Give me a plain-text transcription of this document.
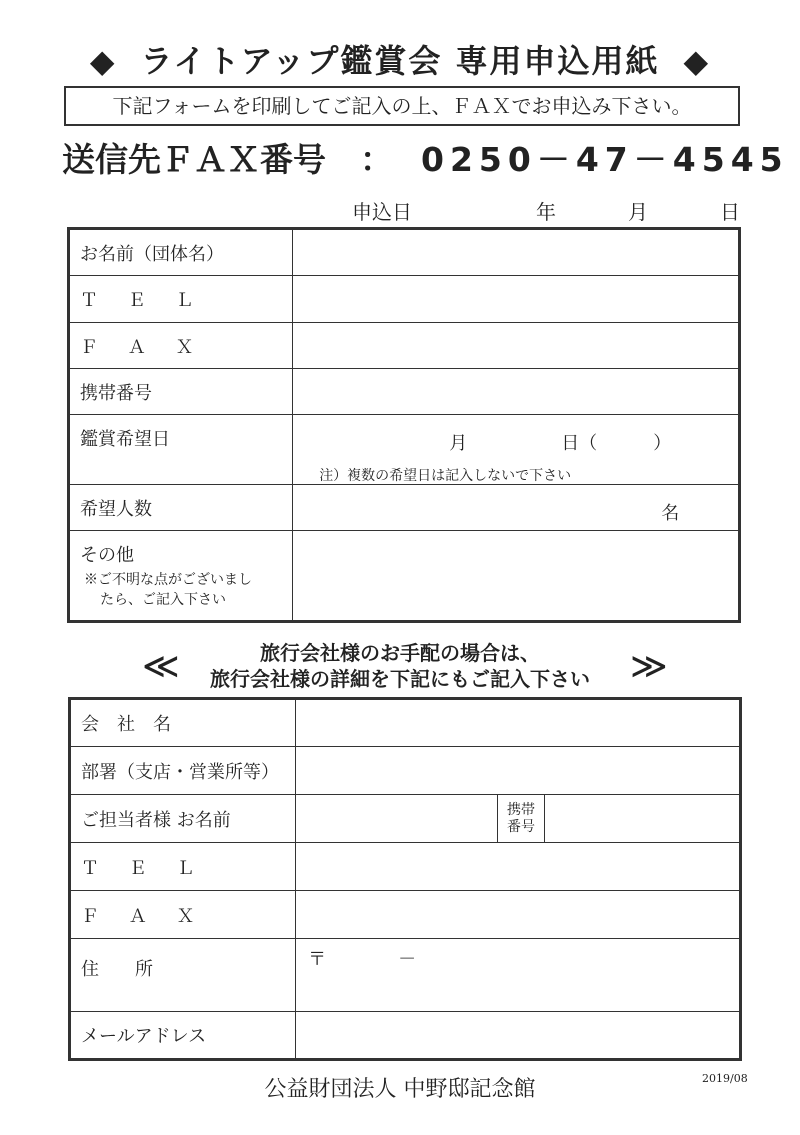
◆ ライトアップ鑑賞会 専用申込用紙 ◆
下記フォームを印刷してご記入の上、ＦＡＸでお申込み下さい。
送信先ＦＡＸ番号 ： 0250－47－4545
申込日	年	月	日
お名前（団体名）	
Ｔ Ｅ Ｌ	
Ｆ Ａ Ｘ	
携帯番号	
鑑賞希望日	月 日（ ）
注）複数の希望日は記入しないで下さい

希望人数	名

その他
※ご不明な点がございまし
たら、ご記入下さい	

≪	旅行会社様のお手配の場合は、
旅行会社様の詳細を下記にもご記入下さい	≫
会　社　名			
部署（支店・営業所等）			
ご担当者様 お名前		携帯
番号	

Ｔ Ｅ Ｌ			
Ｆ Ａ Ｘ			
住　　所	〒 －		

メールアドレス			
公益財団法人 中野邸記念館	2019/08
